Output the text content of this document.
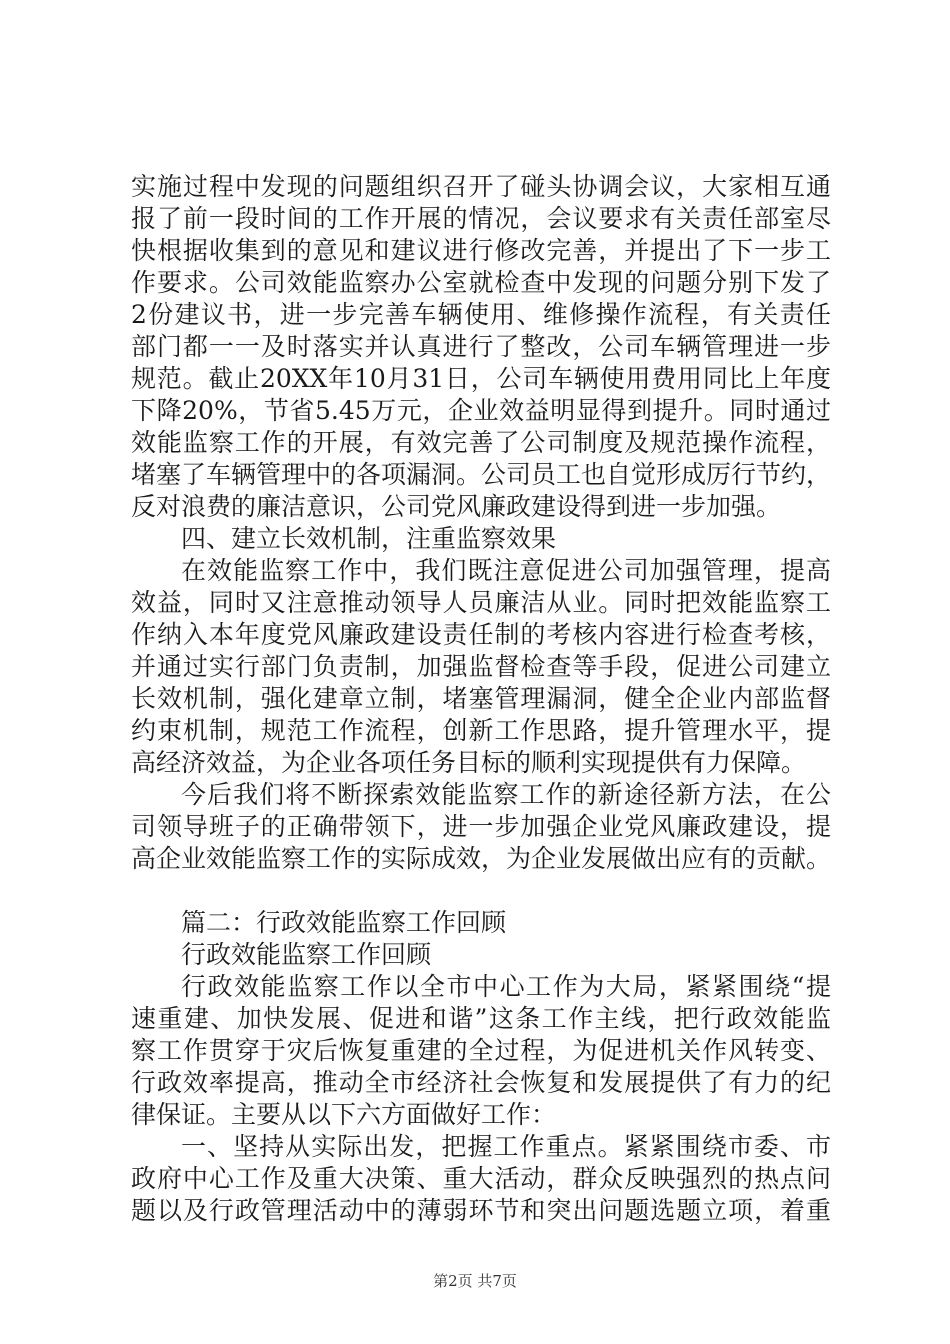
实施过程中发现的问题组织召开了碰头协调会议，大家相互通
报了前一段时间的工作开展的情况，会议要求有关责任部室尽
快根据收集到的意见和建议进行修改完善，并提出了下一步工
作要求。公司效能监察办公室就检查中发现的问题分别下发了
2份建议书，进一步完善车辆使用、维修操作流程，有关责任
部门都一一及时落实并认真进行了整改，公司车辆管理进一步
规范。截止20XX年10月31日，公司车辆使用费用同比上年度
下降20%，节省5.45万元，企业效益明显得到提升。同时通过
效能监察工作的开展，有效完善了公司制度及规范操作流程，
堵塞了车辆管理中的各项漏洞。公司员工也自觉形成厉行节约，
反对浪费的廉洁意识，公司党风廉政建设得到进一步加强。
四、建立长效机制，注重监察效果
在效能监察工作中，我们既注意促进公司加强管理，提高
效益，同时又注意推动领导人员廉洁从业。同时把效能监察工
作纳入本年度党风廉政建设责任制的考核内容进行检查考核，
并通过实行部门负责制，加强监督检查等手段，促进公司建立
长效机制，强化建章立制，堵塞管理漏洞，健全企业内部监督
约束机制，规范工作流程，创新工作思路，提升管理水平，提
高经济效益，为企业各项任务目标的顺利实现提供有力保障。
今后我们将不断探索效能监察工作的新途径新方法，在公
司领导班子的正确带领下，进一步加强企业党风廉政建设，提
高企业效能监察工作的实际成效，为企业发展做出应有的贡献。
篇二：行政效能监察工作回顾
行政效能监察工作回顾
行政效能监察工作以全市中心工作为大局，紧紧围绕“提
速重建、加快发展、促进和谐”这条工作主线，把行政效能监
察工作贯穿于灾后恢复重建的全过程，为促进机关作风转变、
行政效率提高，推动全市经济社会恢复和发展提供了有力的纪
律保证。主要从以下六方面做好工作：
一、坚持从实际出发，把握工作重点。紧紧围绕市委、市
政府中心工作及重大决策、重大活动，群众反映强烈的热点问
题以及行政管理活动中的薄弱环节和突出问题选题立项，着重
第2页 共7页
